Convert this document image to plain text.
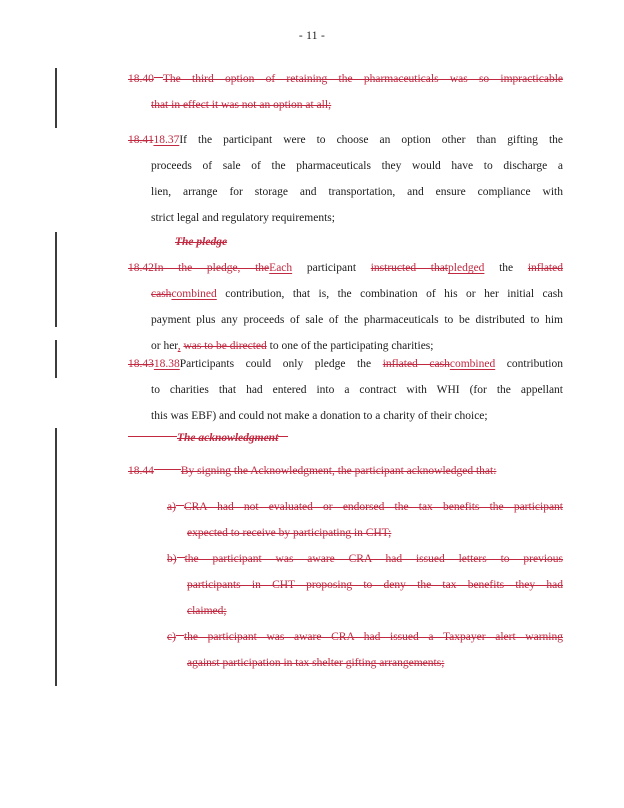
- 11 -
18.40 The third option of retaining the pharmaceuticals was so impracticable
that in effect it was not an option at all;
18.4118.37If the participant were to choose an option other than gifting the
proceeds of sale of the pharmaceuticals they would have to discharge a
lien, arrange for storage and transportation, and ensure compliance with
strict legal and regulatory requirements;
The pledge
18.42In the pledge, theEach participant instructed thatpledged the inflated
cashcombined contribution, that is, the combination of his or her initial cash
payment plus any proceeds of sale of the pharmaceuticals to be distributed to him
or her, was to be directed to one of the participating charities;
18.4318.38Participants could only pledge the inflated cashcombined contribution
to charities that had entered into a contract with WHI (for the appellant
this was EBF) and could not make a donation to a charity of their choice;
The acknowledgment
18.44 By signing the Acknowledgment, the participant acknowledged that:
a) CRA had not evaluated or endorsed the tax benefits the participant
expected to receive by participating in CHT;
b) the participant was aware CRA had issued letters to previous
participants in CHT proposing to deny the tax benefits they had
claimed;
c) the participant was aware CRA had issued a Taxpayer alert warning
against participation in tax shelter gifting arrangements;
